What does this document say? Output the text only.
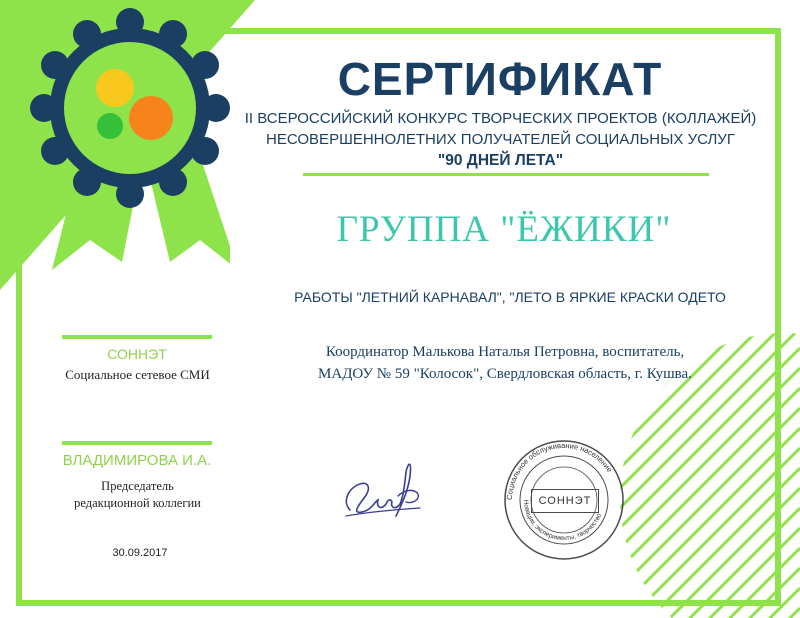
СЕРТИФИКАТ
II ВСЕРОССИЙСКИЙ КОНКУРС ТВОРЧЕСКИХ ПРОЕКТОВ (КОЛЛАЖЕЙ)
НЕСОВЕРШЕННОЛЕТНИХ ПОЛУЧАТЕЛЕЙ СОЦИАЛЬНЫХ УСЛУГ
"90 ДНЕЙ ЛЕТА"
ГРУППА "ЁЖИКИ"
РАБОТЫ "ЛЕТНИЙ КАРНАВАЛ", "ЛЕТО В ЯРКИЕ КРАСКИ ОДЕТО
Координатор Малькова Наталья Петровна, воспитатель,
МАДОУ № 59 "Колосок", Свердловская область, г. Кушва.
СОННЭТ
Социальное сетевое СМИ
ВЛАДИМИРОВА И.А.
Председатель
редакционной коллегии
30.09.2017
Социальное обслуживание население
Новации, эксперименты, творчество
СОННЭТ
